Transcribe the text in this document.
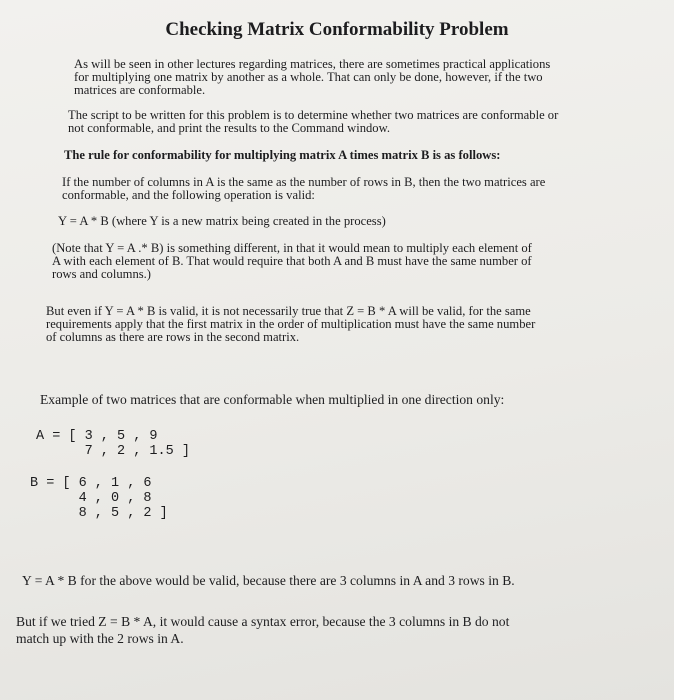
Checking Matrix Conformability Problem
As will be seen in other lectures regarding matrices, there are sometimes practical applications
for multiplying one matrix by another as a whole. That can only be done, however, if the two
matrices are conformable.
The script to be written for this problem is to determine whether two matrices are conformable or
not conformable, and print the results to the Command window.
The rule for conformability for multiplying matrix A times matrix B is as follows:
If the number of columns in A is the same as the number of rows in B, then the two matrices are
conformable, and the following operation is valid:
Y = A * B (where Y is a new matrix being created in the process)
(Note that Y = A .* B) is something different, in that it would mean to multiply each element of
A with each element of B. That would require that both A and B must have the same number of
rows and columns.)
But even if Y = A * B is valid, it is not necessarily true that Z = B * A will be valid, for the same
requirements apply that the first matrix in the order of multiplication must have the same number
of columns as there are rows in the second matrix.
Example of two matrices that are conformable when multiplied in one direction only:
A = [ 3 , 5 , 9
7 , 2 , 1.5 ]
B = [ 6 , 1 , 6
4 , 0 , 8
8 , 5 , 2 ]
Y = A * B for the above would be valid, because there are 3 columns in A and 3 rows in B.
But if we tried Z = B * A, it would cause a syntax error, because the 3 columns in B do not
match up with the 2 rows in A.
